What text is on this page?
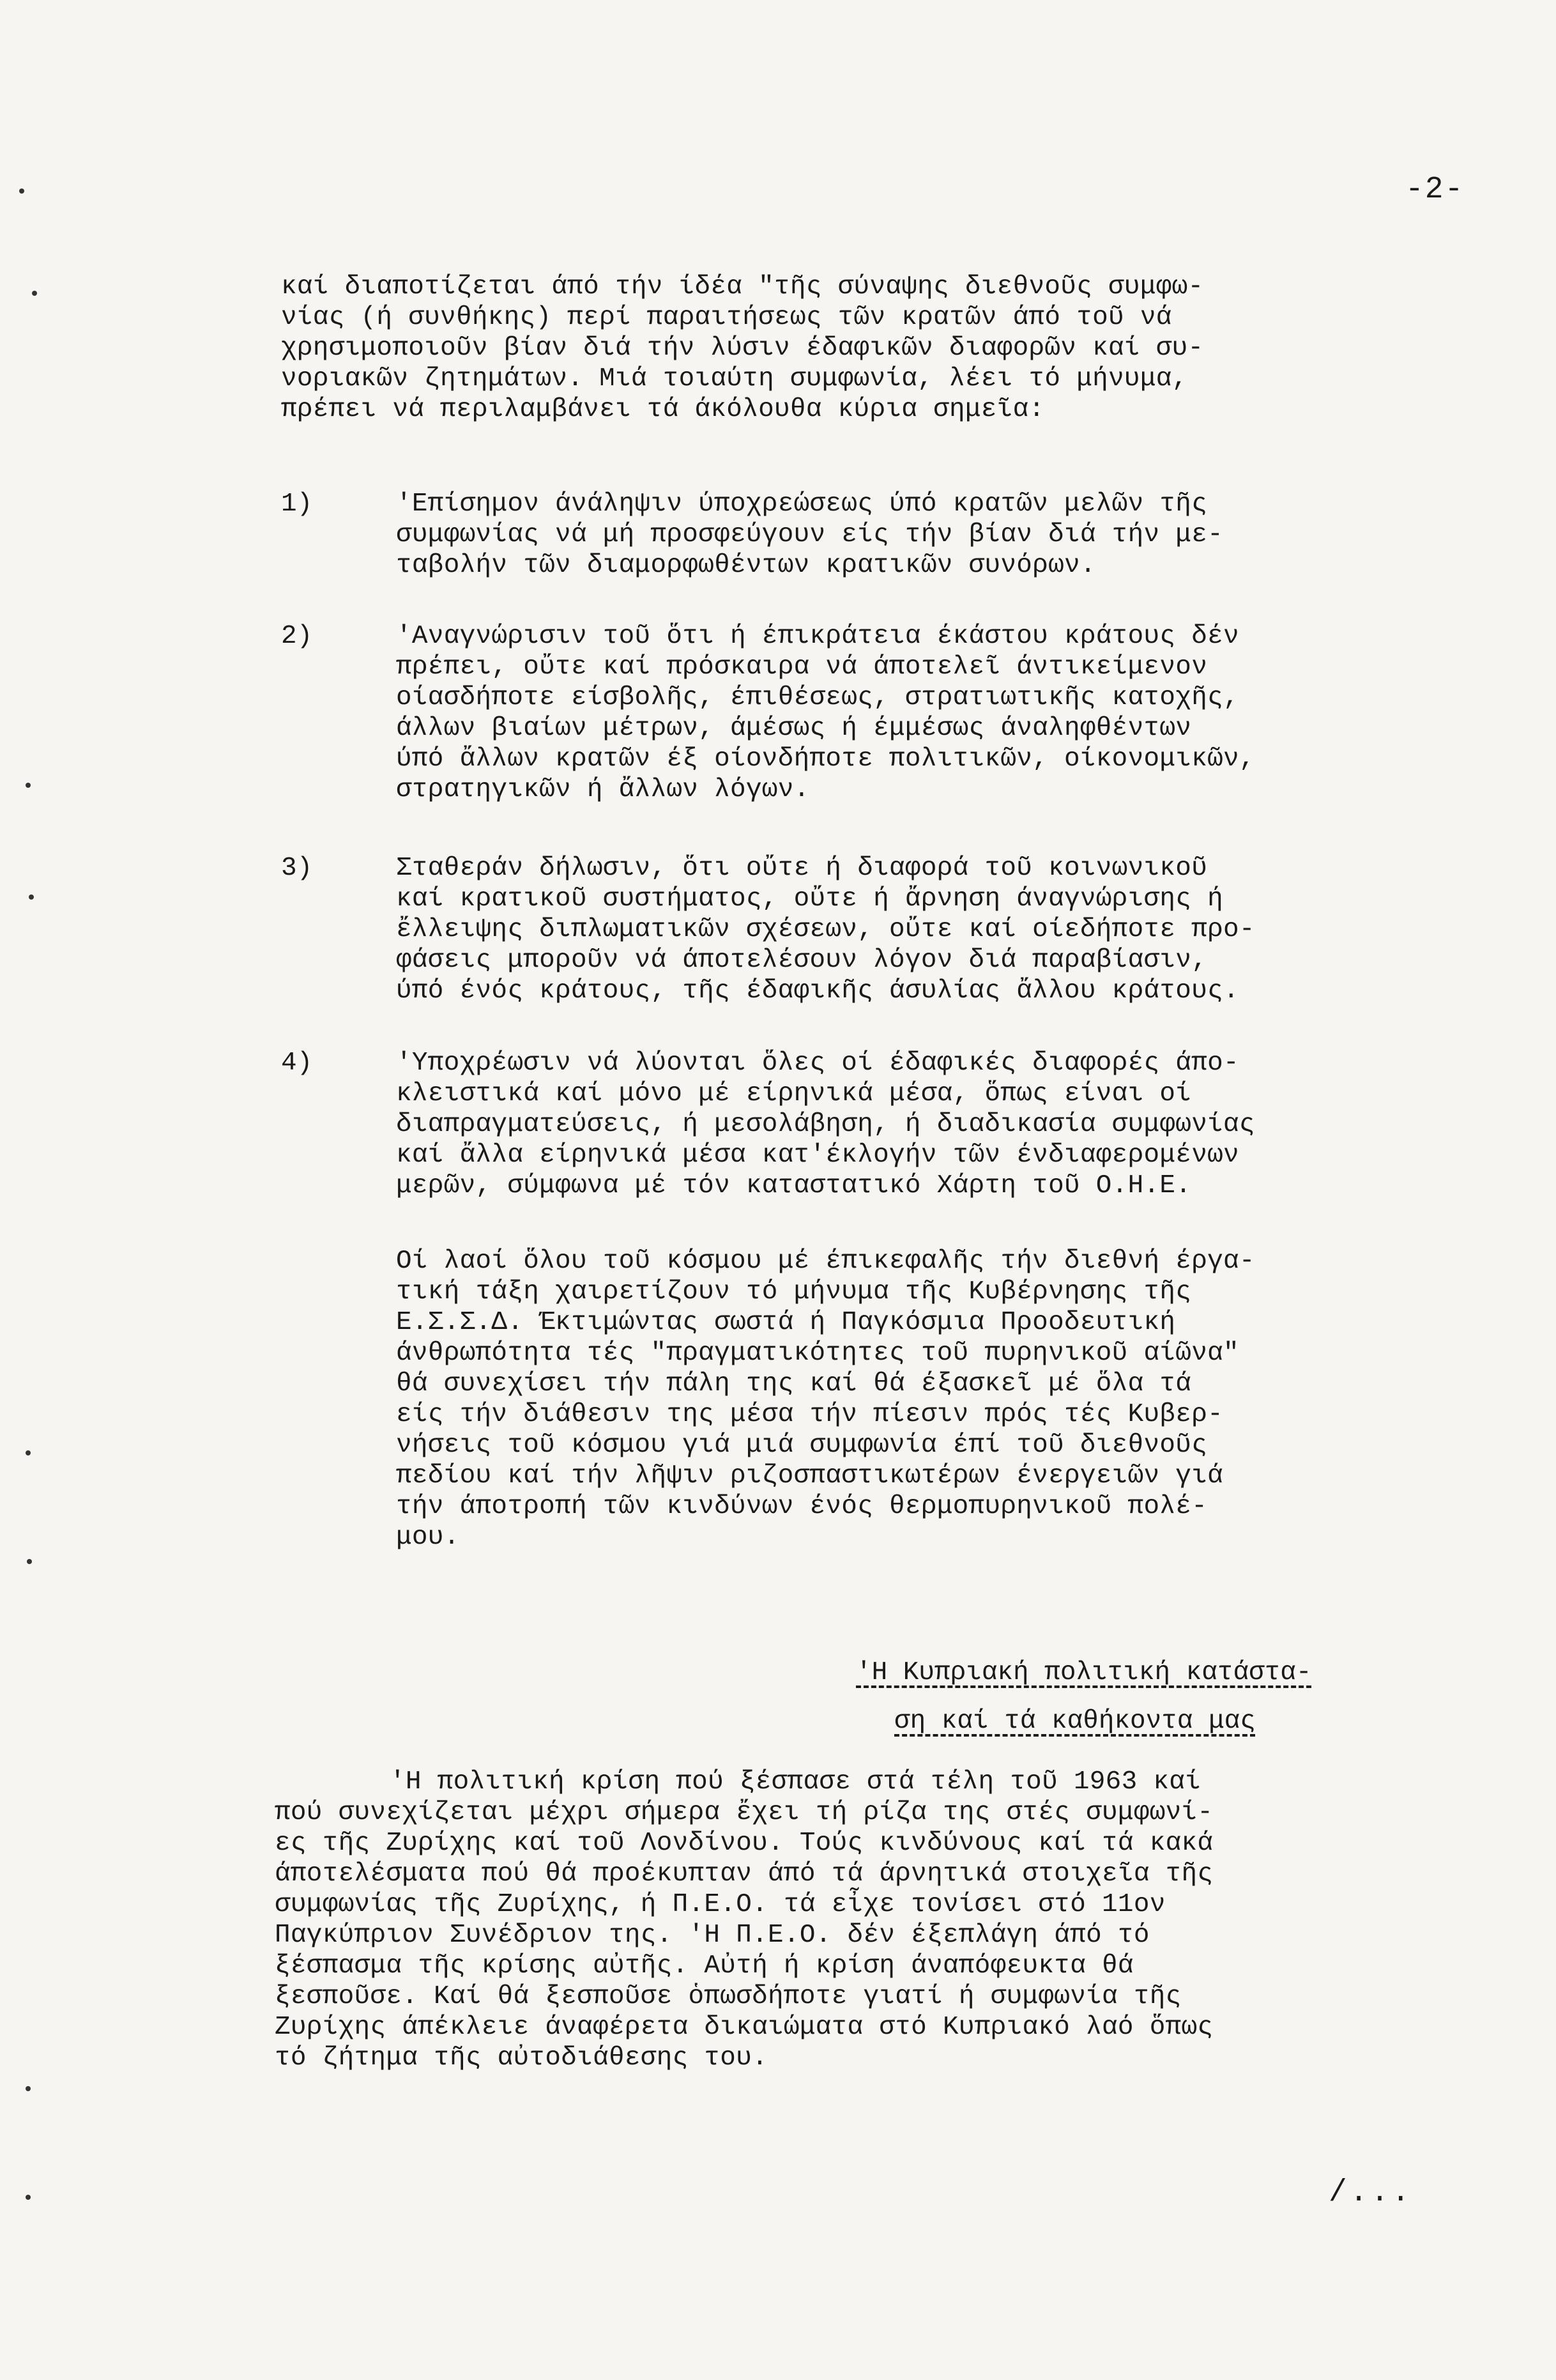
-2-
καί διαποτίζεται άπό τήν ίδέα "τῆς σύναψης διεθνοῦς συμφω-
νίας (ή συνθήκης) περί παραιτήσεως τῶν κρατῶν άπό τοῦ νά
χρησιμοποιοῦν βίαν διά τήν λύσιν έδαφικῶν διαφορῶν καί συ-
νοριακῶν ζητημάτων. Μιά τοιαύτη συμφωνία, λέει τό μήνυμα,
πρέπει νά περιλαμβάνει τά άκόλουθα κύρια σημεῖα:
1)	'Επίσημον άνάληψιν ύποχρεώσεως ύπό κρατῶν μελῶν τῆς
συμφωνίας νά μή προσφεύγουν είς τήν βίαν διά τήν με-
ταβολήν τῶν διαμορφωθέντων κρατικῶν συνόρων.
2)	'Αναγνώρισιν τοῦ ὅτι ή έπικράτεια έκάστου κράτους δέν
πρέπει, οὔτε καί πρόσκαιρα νά άποτελεῖ άντικείμενον
οίασδήποτε είσβολῆς, έπιθέσεως, στρατιωτικῆς κατοχῆς,
άλλων βιαίων μέτρων, άμέσως ή έμμέσως άναληφθέντων
ύπό ἄλλων κρατῶν έξ οίονδήποτε πολιτικῶν, οίκονομικῶν,
στρατηγικῶν ή ἄλλων λόγων.
3)	Σταθεράν δήλωσιν, ὅτι οὔτε ή διαφορά τοῦ κοινωνικοῦ
καί κρατικοῦ συστήματος, οὔτε ή ἄρνηση άναγνώρισης ή
ἔλλειψης διπλωματικῶν σχέσεων, οὔτε καί οίεδήποτε προ-
φάσεις μποροῦν νά άποτελέσουν λόγον διά παραβίασιν,
ύπό ένός κράτους, τῆς έδαφικῆς άσυλίας ἄλλου κράτους.
4)	'Υποχρέωσιν νά λύονται ὅλες οί έδαφικές διαφορές άπο-
κλειστικά καί μόνο μέ είρηνικά μέσα, ὅπως είναι οί
διαπραγματεύσεις, ή μεσολάβηση, ή διαδικασία συμφωνίας
καί ἄλλα είρηνικά μέσα κατ'έκλογήν τῶν ένδιαφερομένων
μερῶν, σύμφωνα μέ τόν καταστατικό Χάρτη τοῦ Ο.Η.Ε.
Οί λαοί ὅλου τοῦ κόσμου μέ έπικεφαλῆς τήν διεθνή έργα-
τική τάξη χαιρετίζουν τό μήνυμα τῆς Κυβέρνησης τῆς
Ε.Σ.Σ.Δ. Έκτιμώντας σωστά ή Παγκόσμια Προοδευτική
άνθρωπότητα τές "πραγματικότητες τοῦ πυρηνικοῦ αίῶνα"
θά συνεχίσει τήν πάλη της καί θά έξασκεῖ μέ ὅλα τά
είς τήν διάθεσιν της μέσα τήν πίεσιν πρός τές Κυβερ-
νήσεις τοῦ κόσμου γιά μιά συμφωνία έπί τοῦ διεθνοῦς
πεδίου καί τήν λῆψιν ριζοσπαστικωτέρων ένεργειῶν γιά
τήν άποτροπή τῶν κινδύνων ένός θερμοπυρηνικοῦ πολέ-
μου.
'Η Κυπριακή πολιτική κατάστα-
ση καί τά καθήκοντα μας
'Η πολιτική κρίση πού ξέσπασε στά τέλη τοῦ 1963 καί
πού συνεχίζεται μέχρι σήμερα ἔχει τή ρίζα της στές συμφωνί-
ες τῆς Ζυρίχης καί τοῦ Λονδίνου. Τούς κινδύνους καί τά κακά
άποτελέσματα πού θά προέκυπταν άπό τά άρνητικά στοιχεῖα τῆς
συμφωνίας τῆς Ζυρίχης, ή Π.Ε.Ο. τά εἶχε τονίσει στό 11ον
Παγκύπριον Συνέδριον της. 'Η Π.Ε.Ο. δέν έξεπλάγη άπό τό
ξέσπασμα τῆς κρίσης αὐτῆς. Αὐτή ή κρίση άναπόφευκτα θά
ξεσποῦσε. Καί θά ξεσποῦσε ὁπωσδήποτε γιατί ή συμφωνία τῆς
Ζυρίχης άπέκλειε άναφέρετα δικαιώματα στό Κυπριακό λαό ὅπως
τό ζήτημα τῆς αὐτοδιάθεσης του.
/...
